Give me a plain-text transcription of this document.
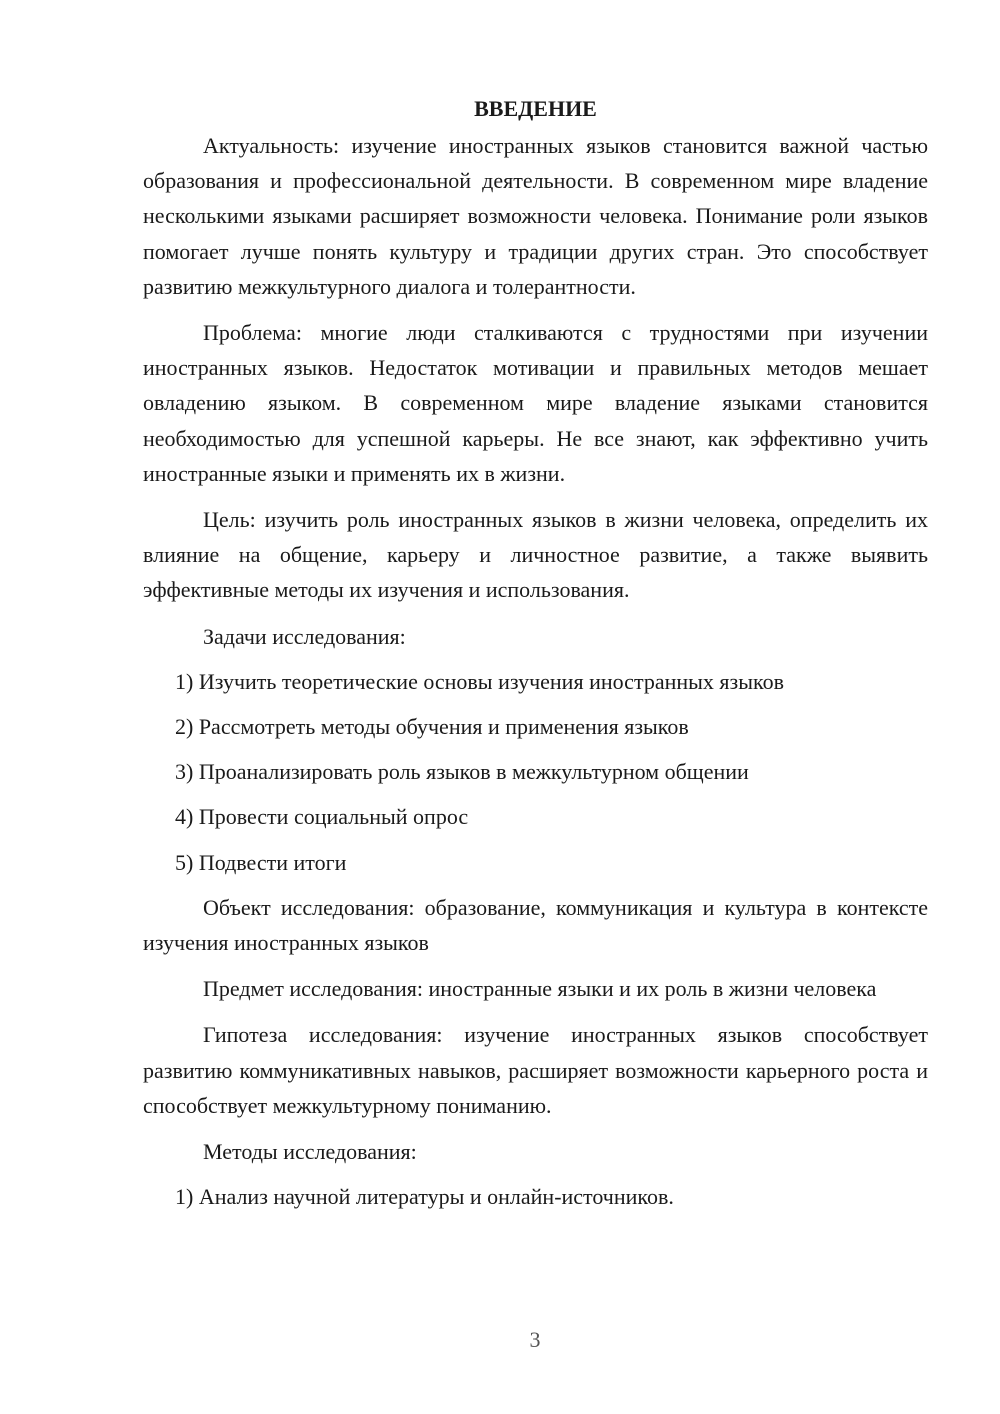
ВВЕДЕНИЕ

Актуальность: изучение иностранных языков становится важной частью образования и профессиональной деятельности. В современном мире владение несколькими языками расширяет возможности человека. Понимание роли языков помогает лучше понять культуру и традиции других стран. Это способствует развитию межкультурного диалога и толерантности.

Проблема: многие люди сталкиваются с трудностями при изучении иностранных языков. Недостаток мотивации и правильных методов мешает овладению языком. В современном мире владение языками становится необходимостью для успешной карьеры. Не все знают, как эффективно учить иностранные языки и применять их в жизни.

Цель: изучить роль иностранных языков в жизни человека, определить их влияние на общение, карьеру и личностное развитие, а также выявить эффективные методы их изучения и использования.

Задачи исследования:

1) Изучить теоретические основы изучения иностранных языков

2) Рассмотреть методы обучения и применения языков

3) Проанализировать роль языков в межкультурном общении

4) Провести социальный опрос

5) Подвести итоги

Объект исследования: образование, коммуникация и культура в контексте изучения иностранных языков

Предмет исследования: иностранные языки и их роль в жизни человека

Гипотеза исследования: изучение иностранных языков способствует развитию коммуникативных навыков, расширяет возможности карьерного роста и способствует межкультурному пониманию.

Методы исследования:

1) Анализ научной литературы и онлайн-источников.

3
